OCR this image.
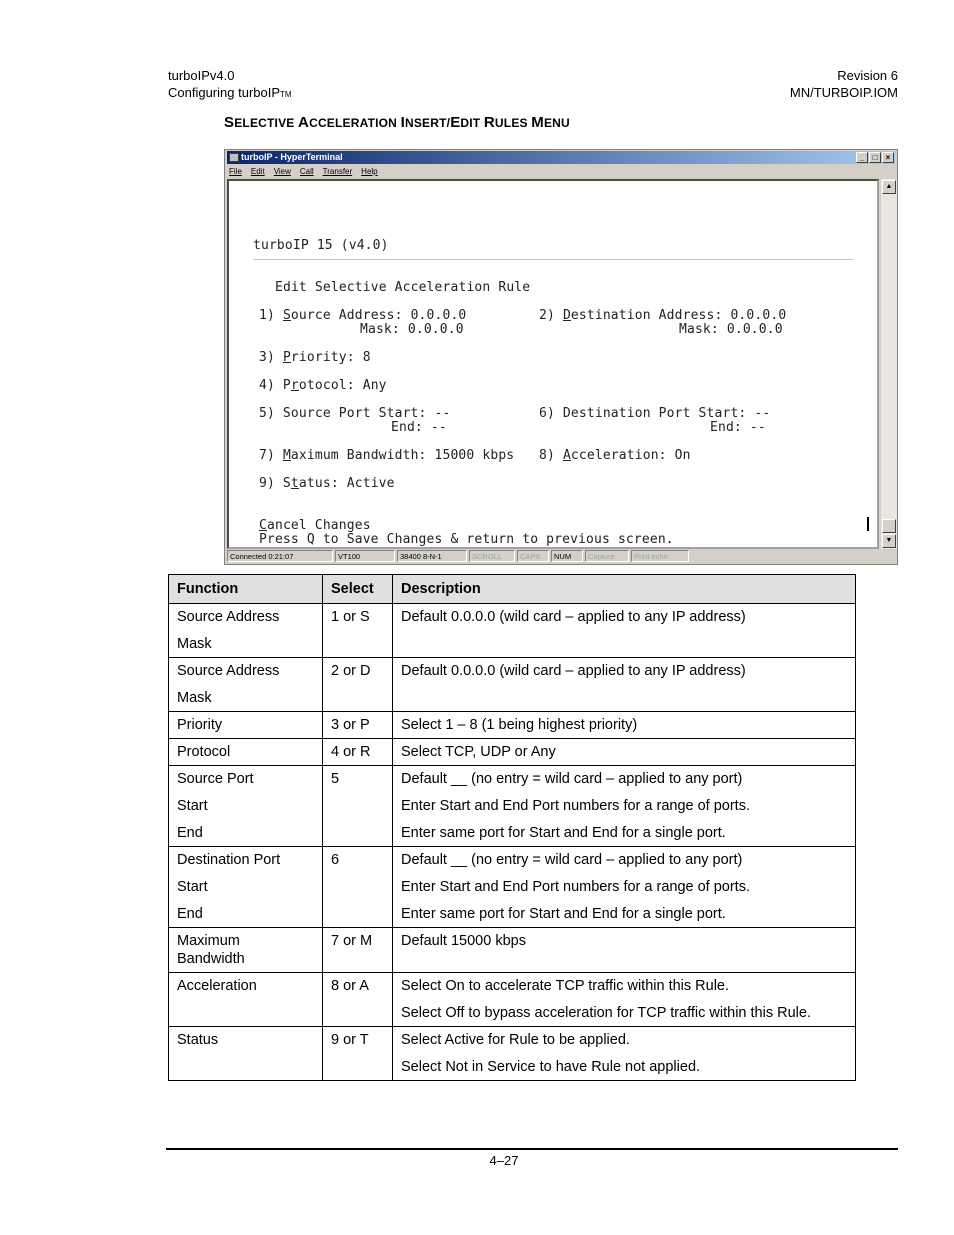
turboIPv4.0
Configuring turboIP™
Revision 6
MN/TURBOIP.IOM
SELECTIVE ACCELERATION INSERT/EDIT RULES MENU
turboIP - HyperTerminal	_	□	×
File Edit View Call Transfer Help
turboIP 15 (v4.0)
Edit Selective Acceleration Rule
1) Source Address: 0.0.0.0	2) Destination Address: 0.0.0.0
Mask: 0.0.0.0	Mask: 0.0.0.0
3) Priority: 8
4) Protocol: Any
5) Source Port Start: --	6) Destination Port Start: --
End: --	End: --
7) Maximum Bandwidth: 15000 kbps 8) Acceleration: On
9) Status: Active
Cancel Changes
Press Q to Save Changes & return to previous screen.
▲
▼
Connected 0:21:07	VT100	38400 8-N-1	SCROLL	CAPS	NUM	Capture	Print echo
Function	Select	Description

Source Address
Mask	1 or S	Default 0.0.0.0 (wild card – applied to any IP address)

Source Address
Mask	2 or D	Default 0.0.0.0 (wild card – applied to any IP address)

Priority	3 or P	Select 1 – 8 (1 being highest priority)

Protocol	4 or R	Select TCP, UDP or Any

Source Port
Start
End	5	Default __ (no entry = wild card – applied to any port)
Enter Start and End Port numbers for a range of ports.
Enter same port for Start and End for a single port.

Destination Port
Start
End	6	Default __ (no entry = wild card – applied to any port)
Enter Start and End Port numbers for a range of ports.
Enter same port for Start and End for a single port.

Maximum
Bandwidth	7 or M	Default 15000 kbps

Acceleration	8 or A	Select On to accelerate TCP traffic within this Rule.
Select Off to bypass acceleration for TCP traffic within this Rule.

Status	9 or T	Select Active for Rule to be applied.
Select Not in Service to have Rule not applied.
4–27
